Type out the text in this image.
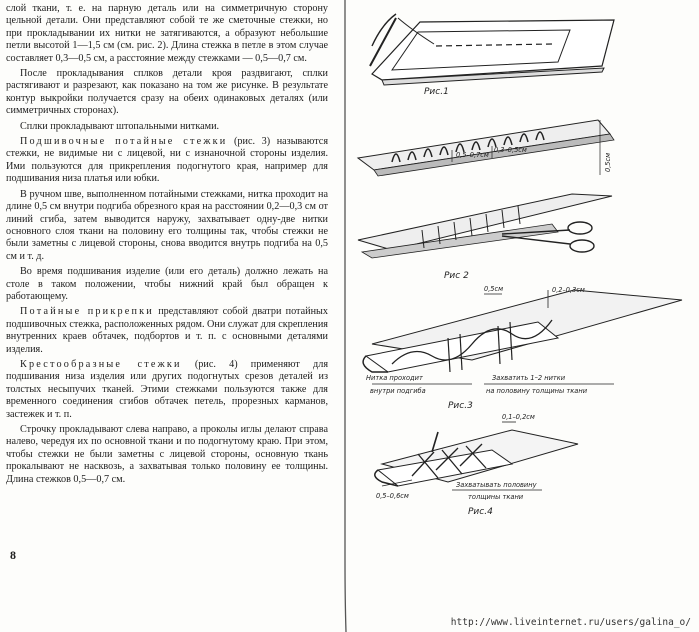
слой ткани, т. е. на парную деталь или на симметричную сторону цельной детали. Они представляют собой те же сметочные стежки, но при прокладывании их нитки не затягиваются, а образуют небольшие петли высотой 1—1,5 см (см. рис. 2). Длина стежка в петле в этом случае составляет 0,3—0,5 см, а расстояние между стежками — 0,5—0,7 см.

После прокладывания сплков детали кроя раздвигают, сплки растягивают и разрезают, как показано на том же рисунке. В результате контур выкройки получается сразу на обеих одинаковых деталях (или симметричных сторонах).

Сплки прокладывают штопальными нитками.

Подшивочные потайные стежки (рис. 3) называются стежки, не видимые ни с лицевой, ни с изнаночной стороны изделия. Ими пользуются для прикрепления подогнутого края, например для подшивания низа платья или юбки.

В ручном шве, выполненном потайными стежками, нитка проходит на длине 0,5 см внутри подгиба обрезного края на расстоянии 0,2—0,3 см от линий сгиба, затем выводится наружу, захватывает одну-две нитки основного слоя ткани на половину его толщины так, чтобы стежки не были заметны с лицевой стороны, снова вводится внутрь подгиба на 0,5 см и т. д.

Во время подшивания изделие (или его деталь) должно лежать на столе в таком положении, чтобы нижний край был обращен к работающему.

Потайные прикрепки представляют собой дватри потайных подшивочных стежка, расположенных рядом. Они служат для скрепления внутренних краев обтачек, подбортов и т. п. с основными деталями изделия.

Крестообразные стежки (рис. 4) применяют для подшивания низа изделия или других подогнутых срезов деталей из толстых несыпучих тканей. Этими стежками пользуются также для временного соединения сгибов обтачек петель, прорезных карманов, застежек и т. п.

Строчку прокладывают слева направо, а проколы иглы делают справа налево, чередуя их по основной ткани и по подогнутому краю. При этом, чтобы стежки не были заметны с лицевой стороны, основную ткань прокалывают не насквозь, а захватывая только половину ее толщины. Длина стежков 0,5—0,7 см.

8
Рис.1
0,5–0,7см
0,3–0,5см
0,5см
Рис 2
0,5см	0,2–0,3см
Нитка проходит
внутри подгиба
Захватить 1–2 нитки
на половину толщины ткани
Рис.3
0,1–0,2см
0,5–0,6см
Захватывать половину
толщины ткани
Рис.4
http://www.liveinternet.ru/users/galina_o/
